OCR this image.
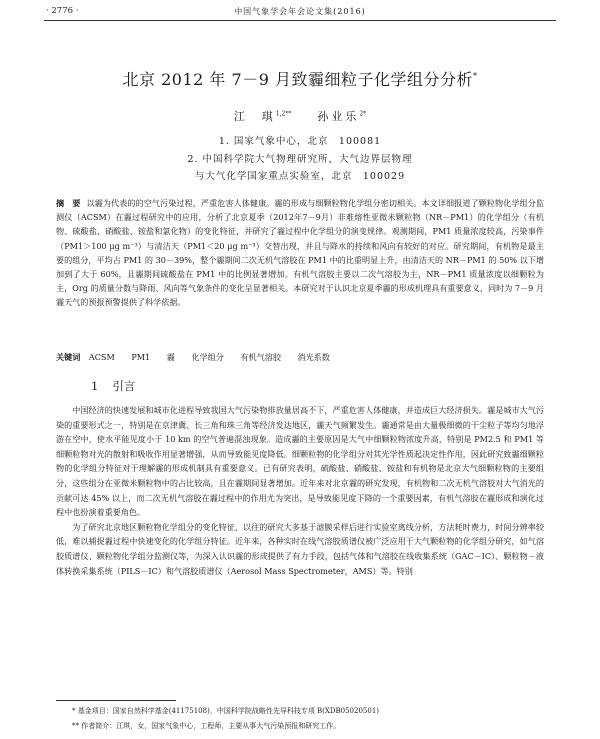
· 2776 ·	中国气象学会年会论文集(2016)
北京 2012 年 7－9 月致霾细粒子化学组分分析*
江　琪$^{1,2**}$ 孙业乐$^{2*}$
1. 国家气象中心，北京　100081
2. 中国科学院大气物理研究所，大气边界层物理
与大气化学国家重点实验室，北京　100029
摘　要 以霾为代表的的空气污染过程，严重危害人体健康。霾的形成与细颗粒物化学组分密切相关。本文详细报道了颗粒物化学组分监测仪（ACSM）在霾过程研究中的应用，分析了北京夏季（2012年7－9月）非难熔性亚微米颗粒物（NR－PM1）的化学组分（有机物、硫酸盐、硝酸盐、铵盐和氯化物）的变化特征，并研究了霾过程中化学组分的演变规律。观测期间，PM1 质量浓度较高，污染事件（PM1＞100 μg m⁻³）与清洁天（PM1＜20 μg m⁻³）交替出现，并且与降水的持续和风向有较好的对应。研究期间，有机物是最主要的组分，平均占 PM1 的 30－39%，整个霾期间二次无机气溶胶在 PM1 中的比重明显上升，由清洁天的 NR－PM1 的 50% 以下增加到了大于 60%，且霾期间硫酸盐在 PM1 中的比例显著增加。有机气溶胶主要以二次气溶胶为主，NR－PM1 质量浓度以细颗粒为主，Org 的质量分数与降雨、风向等气象条件的变化呈显著相关。本研究对于认识北京夏季霾的形成机理具有重要意义，同时为 7－9 月霾天气的预报预警提供了科学依据。
关键词 ACSM PM1 霾 化学组分 有机气溶胶 消光系数
1 引言

中国经济的快速发展和城市化进程导致我国大气污染物排放量居高不下，严重危害人体健康，并造成巨大经济损失。霾是城市大气污染的重要形式之一，特别是在京津冀、长三角和珠三角等经济发达地区，霾天气频繁发生。霾通常是由大量极细微的干尘粒子等均匀地浮游在空中，使水平能见度小于 10 km 的空气普遍混浊现象。造成霾的主要原因是大气中细颗粒物浓度升高，特别是 PM2.5 和 PM1 等细颗粒物对光的散射和吸收作用显著增强，从而导致能见度降低。细颗粒物的化学组分对其光学性质起决定性作用，因此研究致霾细颗粒物的化学组分特征对于理解霾的形成机制具有重要意义。已有研究表明，硫酸盐、硝酸盐、铵盐和有机物是北京大气细颗粒物的主要组分，这些组分在亚微米颗粒物中的占比较高，且在霾期间显著增加。近年来对北京霾的研究发现，有机物和二次无机气溶胶对大气消光的贡献可达 45% 以上，而二次无机气溶胶在霾过程中的作用尤为突出，是导致能见度下降的一个重要因素，有机气溶胶在霾形成和演化过程中也扮演着重要角色。

为了研究北京地区颗粒物化学组分的变化特征，以往的研究大多基于滤膜采样后进行实验室离线分析，方法耗时费力，时间分辨率较低，难以捕捉霾过程中快速变化的化学组分特征。近年来，各种实时在线气溶胶质谱仪被广泛应用于大气颗粒物的化学组分研究，如气溶胶质谱仪、颗粒物化学组分监测仪等，为深入认识霾的形成提供了有力手段，包括气体和气溶胶在线收集系统（GAC－IC）、颗粒物－液体转换采集系统（PILS－IC）和气溶胶质谱仪（Aerosol Mass Spectrometer，AMS）等。特别

* 基金项目：国家自然科学基金(41175108)，中国科学院战略性先导科技专项 B(XDB05020501)
** 作者简介：江琪，女，国家气象中心，工程师，主要从事大气污染预报和研究工作。
